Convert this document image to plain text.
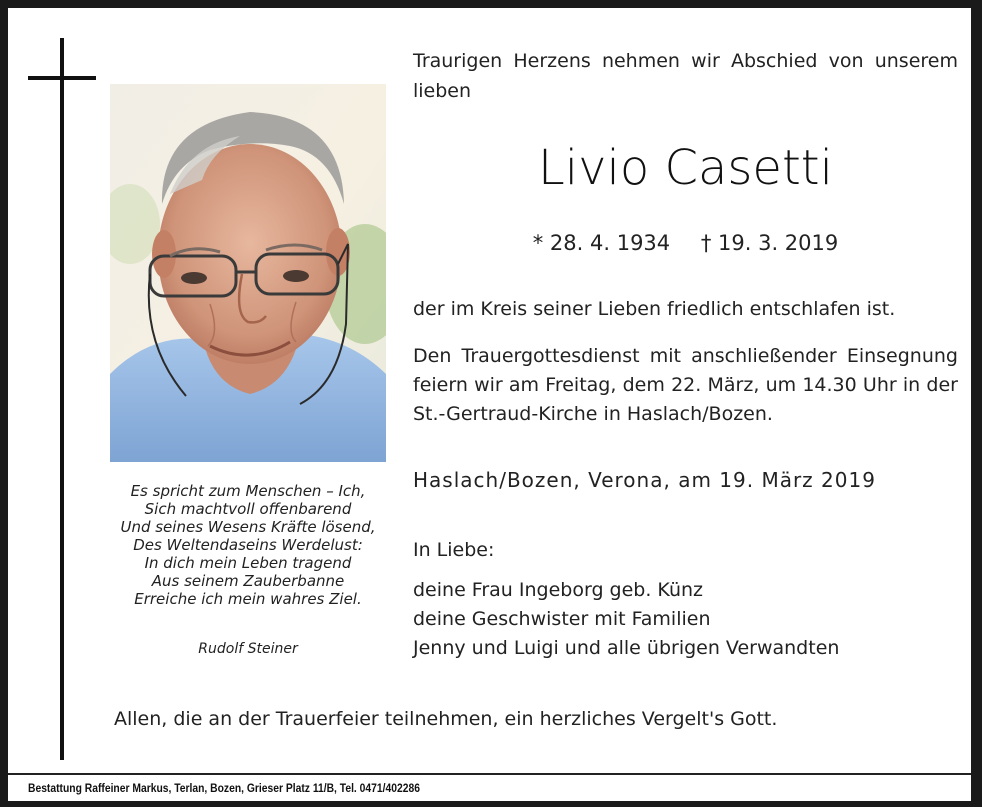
Es spricht zum Menschen – Ich,
Sich machtvoll offenbarend
Und seines Wesens Kräfte lösend,
Des Weltendaseins Werdelust:
In dich mein Leben tragend
Aus seinem Zauberbanne
Erreiche ich mein wahres Ziel.
Rudolf Steiner
Traurigen Herzens nehmen wir Abschied von unserem lieben
Livio Casetti
* 28. 4. 1934 † 19. 3. 2019
der im Kreis seiner Lieben friedlich entschlafen ist.
Den Trauergottesdienst mit anschließender Einsegnung feiern wir am Freitag, dem 22. März, um 14.30 Uhr in der St.-Gertraud-Kirche in Haslach/Bozen.
Haslach/Bozen, Verona, am 19. März 2019
In Liebe:
deine Frau Ingeborg geb. Künz
deine Geschwister mit Familien
Jenny und Luigi und alle übrigen Verwandten
Allen, die an der Trauerfeier teilnehmen, ein herzliches Vergelt's Gott.
Bestattung Raffeiner Markus, Terlan, Bozen, Grieser Platz 11/B, Tel. 0471/402286
